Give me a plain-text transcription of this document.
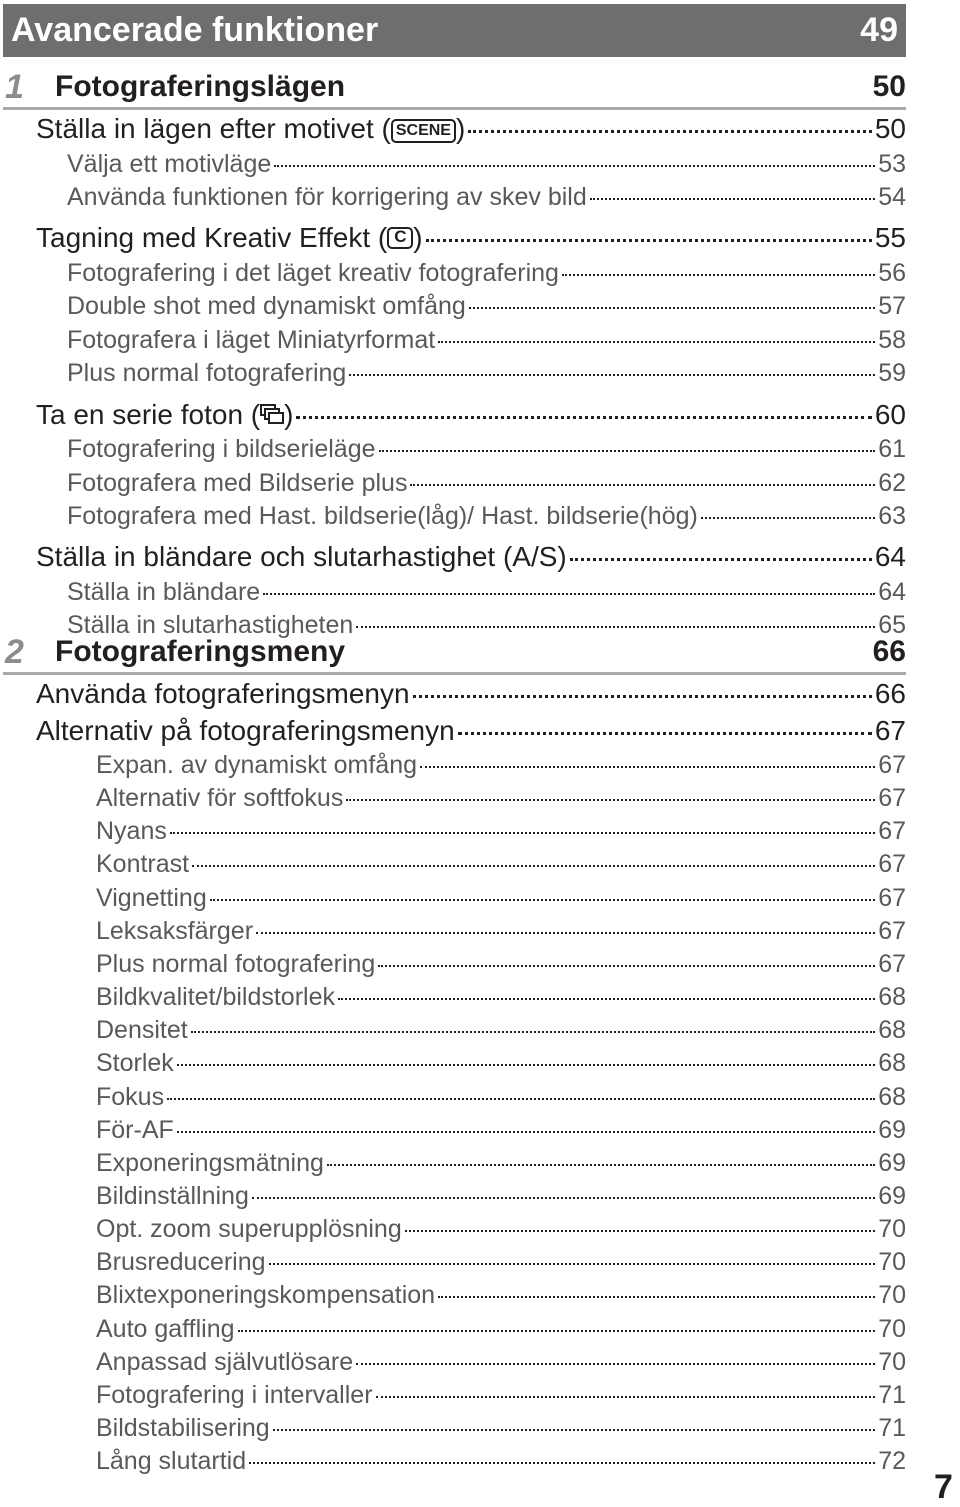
Avancerade funktioner	49
1	Fotograferingslägen	50
Ställa in lägen efter motivet ( SCENE )	50
Välja ett motivläge	53
Använda funktionen för korrigering av skev bild	54
Tagning med Kreativ Effekt ( C )	55
Fotografering i det läget kreativ fotografering	56
Double shot med dynamiskt omfång	57
Fotografera i läget Miniatyrformat	58
Plus normal fotografering	59
Ta en serie foton ( )	60
Fotografering i bildserieläge	61
Fotografera med Bildserie plus	62
Fotografera med Hast. bildserie(låg)/ Hast. bildserie(hög)	63
Ställa in bländare och slutarhastighet (A/S)	64
Ställa in bländare	64
Ställa in slutarhastigheten	65
2	Fotograferingsmeny	66
Använda fotograferingsmenyn	66
Alternativ på fotograferingsmenyn	67
Expan. av dynamiskt omfång	67
Alternativ för softfokus	67
Nyans	67
Kontrast	67
Vignetting	67
Leksaksfärger	67
Plus normal fotografering	67
Bildkvalitet/bildstorlek	68
Densitet	68
Storlek	68
Fokus	68
För-AF	69
Exponeringsmätning	69
Bildinställning	69
Opt. zoom superupplösning	70
Brusreducering	70
Blixtexponeringskompensation	70
Auto gaffling	70
Anpassad självutlösare	70
Fotografering i intervaller	71
Bildstabilisering	71
Lång slutartid	72
7
